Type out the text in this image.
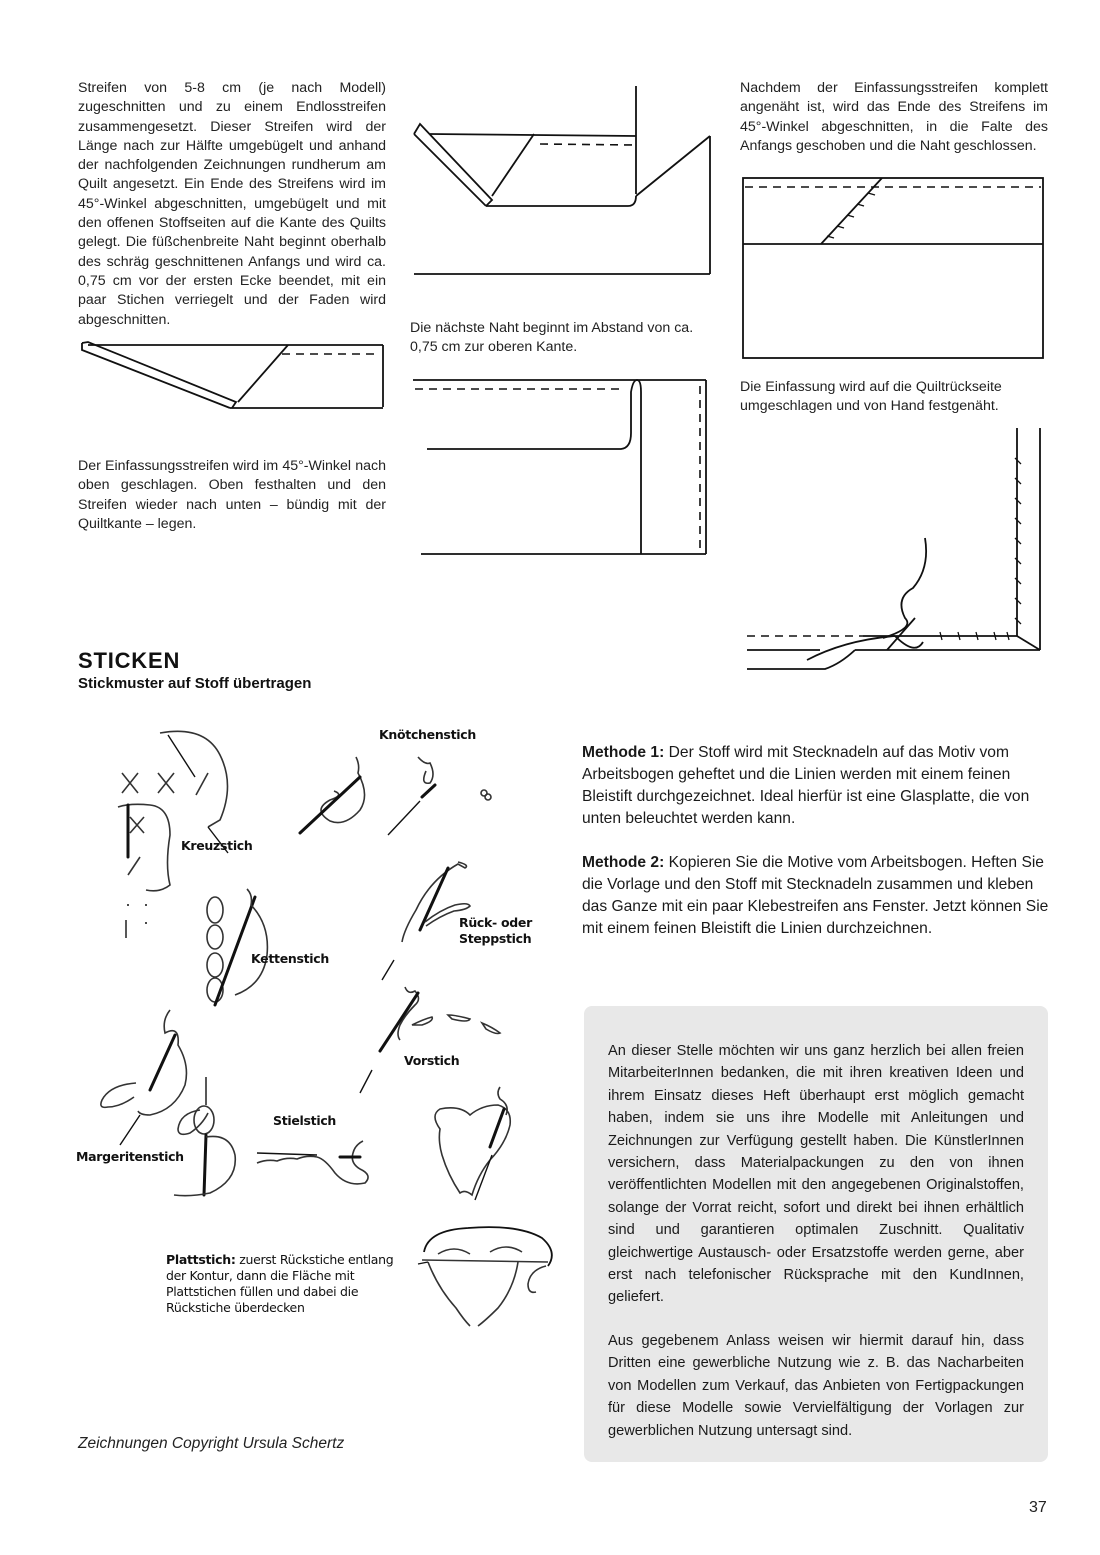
Streifen von 5-8 cm (je nach Modell) zugeschnitten und zu einem Endlosstreifen zusammengesetzt. Dieser Streifen wird der Länge nach zur Hälfte umgebügelt und anhand der nachfolgenden Zeichnungen rundherum am Quilt angesetzt. Ein Ende des Streifens wird im 45°-Winkel abgeschnitten, umgebügelt und mit den offenen Stoffseiten auf die Kante des Quilts gelegt. Die füßchenbreite Naht beginnt oberhalb des schräg geschnittenen Anfangs und wird ca. 0,75 cm vor der ersten Ecke beendet, mit ein paar Stichen verriegelt und der Faden wird abgeschnitten.

Der Einfassungsstreifen wird im 45°-Winkel nach oben geschlagen. Oben festhalten und den Streifen wieder nach unten – bündig mit der Quiltkante – legen.

Die nächste Naht beginnt im Abstand von ca. 0,75 cm zur oberen Kante.

Nachdem der Einfassungsstreifen komplett angenäht ist, wird das Ende des Streifens im 45°-Winkel abgeschnitten, in die Falte des Anfangs geschoben und die Naht geschlossen.

Die Einfassung wird auf die Quiltrückseite umgeschlagen und von Hand festgenäht.

STICKEN
Stickmuster auf Stoff übertragen
Kreuzstich
Knötchenstich
Kettenstich
Rück- oder
Steppstich
Vorstich
Margeritenstich
Stielstich

Plattstich: zuerst Rückstiche entlang der Kontur, dann die Fläche mit Plattstichen füllen und dabei die Rückstiche überdecken

Methode 1: Der Stoff wird mit Stecknadeln auf das Motiv vom Arbeitsbogen geheftet und die Linien werden mit einem feinen Bleistift durchgezeichnet. Ideal hierfür ist eine Glasplatte, die von unten beleuchtet werden kann.

Methode 2: Kopieren Sie die Motive vom Arbeitsbogen. Heften Sie die Vorlage und den Stoff mit Stecknadeln zusammen und kleben das Ganze mit ein paar Klebestreifen ans Fenster. Jetzt können Sie mit einem feinen Bleistift die Linien durchzeichnen.

An dieser Stelle möchten wir uns ganz herzlich bei allen freien MitarbeiterInnen bedanken, die mit ihren kreativen Ideen und ihrem Einsatz dieses Heft überhaupt erst möglich gemacht haben, indem sie uns ihre Modelle mit Anleitungen und Zeichnungen zur Verfügung gestellt haben. Die KünstlerInnen versichern, dass Materialpackungen zu den von ihnen veröffentlichten Modellen mit den angegebenen Originalstoffen, solange der Vorrat reicht, sofort und direkt bei ihnen erhältlich sind und garantieren optimalen Zuschnitt. Qualitativ gleichwertige Austausch- oder Ersatzstoffe werden gerne, aber erst nach telefonischer Rücksprache mit den KundInnen, geliefert.

Aus gegebenem Anlass weisen wir hiermit darauf hin, dass Dritten eine gewerbliche Nutzung wie z. B. das Nacharbeiten von Modellen zum Verkauf, das Anbieten von Fertigpackungen für diese Modelle sowie Vervielfältigung der Vorlagen zur gewerblichen Nutzung untersagt sind.

Zeichnungen Copyright Ursula Schertz
37
